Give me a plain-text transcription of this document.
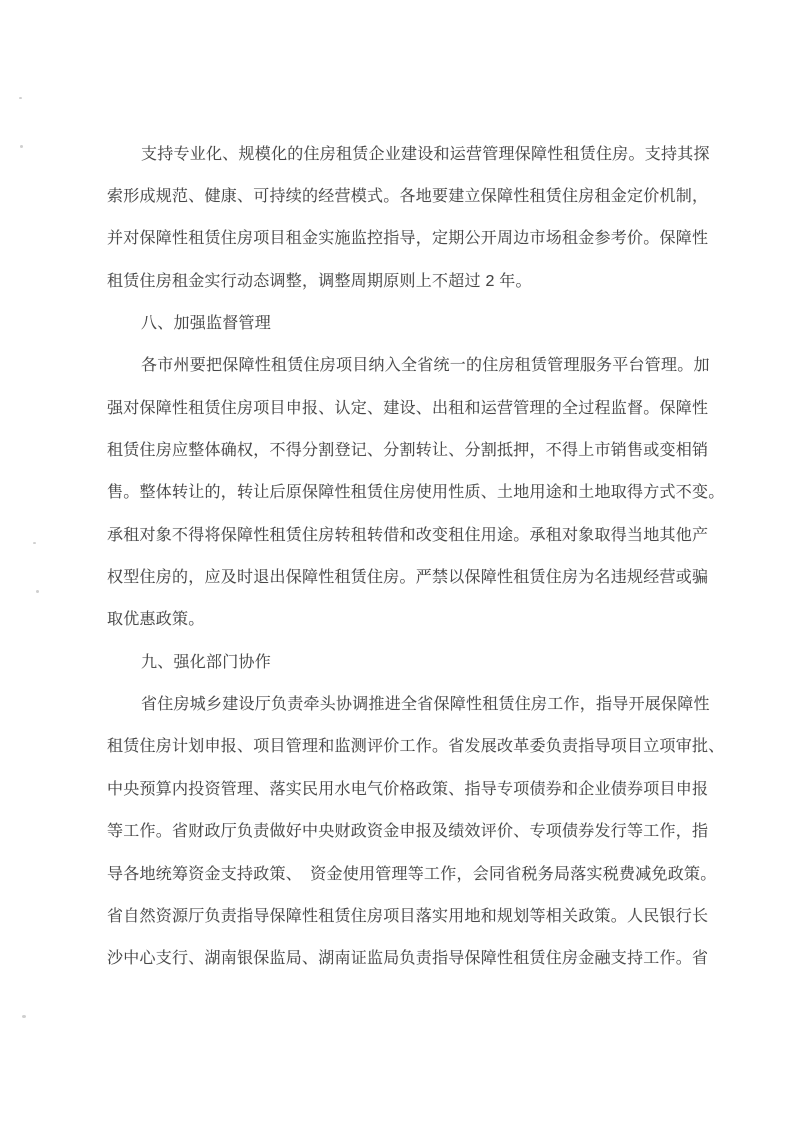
支持专业化、规模化的住房租赁企业建设和运营管理保障性租赁住房。支持其探
索形成规范、健康、可持续的经营模式。各地要建立保障性租赁住房租金定价机制，
并对保障性租赁住房项目租金实施监控指导，定期公开周边市场租金参考价。保障性
租赁住房租金实行动态调整，调整周期原则上不超过 2 年。
八、加强监督管理
各市州要把保障性租赁住房项目纳入全省统一的住房租赁管理服务平台管理。加
强对保障性租赁住房项目申报、认定、建设、出租和运营管理的全过程监督。保障性
租赁住房应整体确权，不得分割登记、分割转让、分割抵押，不得上市销售或变相销
售。整体转让的，转让后原保障性租赁住房使用性质、土地用途和土地取得方式不变。
承租对象不得将保障性租赁住房转租转借和改变租住用途。承租对象取得当地其他产
权型住房的，应及时退出保障性租赁住房。严禁以保障性租赁住房为名违规经营或骗
取优惠政策。
九、强化部门协作
省住房城乡建设厅负责牵头协调推进全省保障性租赁住房工作，指导开展保障性
租赁住房计划申报、项目管理和监测评价工作。省发展改革委负责指导项目立项审批、
中央预算内投资管理、落实民用水电气价格政策、指导专项债券和企业债券项目申报
等工作。省财政厅负责做好中央财政资金申报及绩效评价、专项债券发行等工作，指
导各地统筹资金支持政策、　资金使用管理等工作，会同省税务局落实税费减免政策。
省自然资源厅负责指导保障性租赁住房项目落实用地和规划等相关政策。人民银行长
沙中心支行、湖南银保监局、湖南证监局负责指导保障性租赁住房金融支持工作。省
